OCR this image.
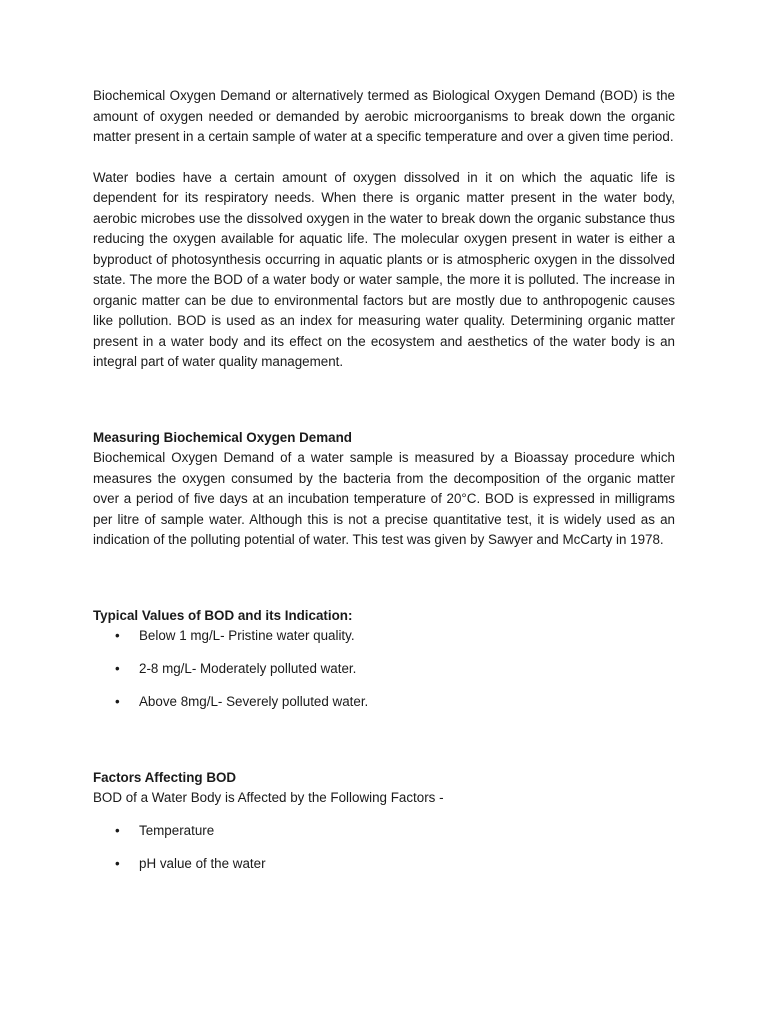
Biochemical Oxygen Demand or alternatively termed as Biological Oxygen Demand (BOD) is the amount of oxygen needed or demanded by aerobic microorganisms to break down the organic matter present in a certain sample of water at a specific temperature and over a given time period.

Water bodies have a certain amount of oxygen dissolved in it on which the aquatic life is dependent for its respiratory needs. When there is organic matter present in the water body, aerobic microbes use the dissolved oxygen in the water to break down the organic substance thus reducing the oxygen available for aquatic life. The molecular oxygen present in water is either a byproduct of photosynthesis occurring in aquatic plants or is atmospheric oxygen in the dissolved state. The more the BOD of a water body or water sample, the more it is polluted. The increase in organic matter can be due to environmental factors but are mostly due to anthropogenic causes like pollution. BOD is used as an index for measuring water quality. Determining organic matter present in a water body and its effect on the ecosystem and aesthetics of the water body is an integral part of water quality management.

Measuring Biochemical Oxygen Demand

Biochemical Oxygen Demand of a water sample is measured by a Bioassay procedure which measures the oxygen consumed by the bacteria from the decomposition of the organic matter over a period of five days at an incubation temperature of 20°C. BOD is expressed in milligrams per litre of sample water. Although this is not a precise quantitative test, it is widely used as an indication of the polluting potential of water. This test was given by Sawyer and McCarty in 1978.

Typical Values of BOD and its Indication:

• Below 1 mg/L- Pristine water quality.
• 2-8 mg/L- Moderately polluted water.
• Above 8mg/L- Severely polluted water.

Factors Affecting BOD

BOD of a Water Body is Affected by the Following Factors -

• Temperature
• pH value of the water
